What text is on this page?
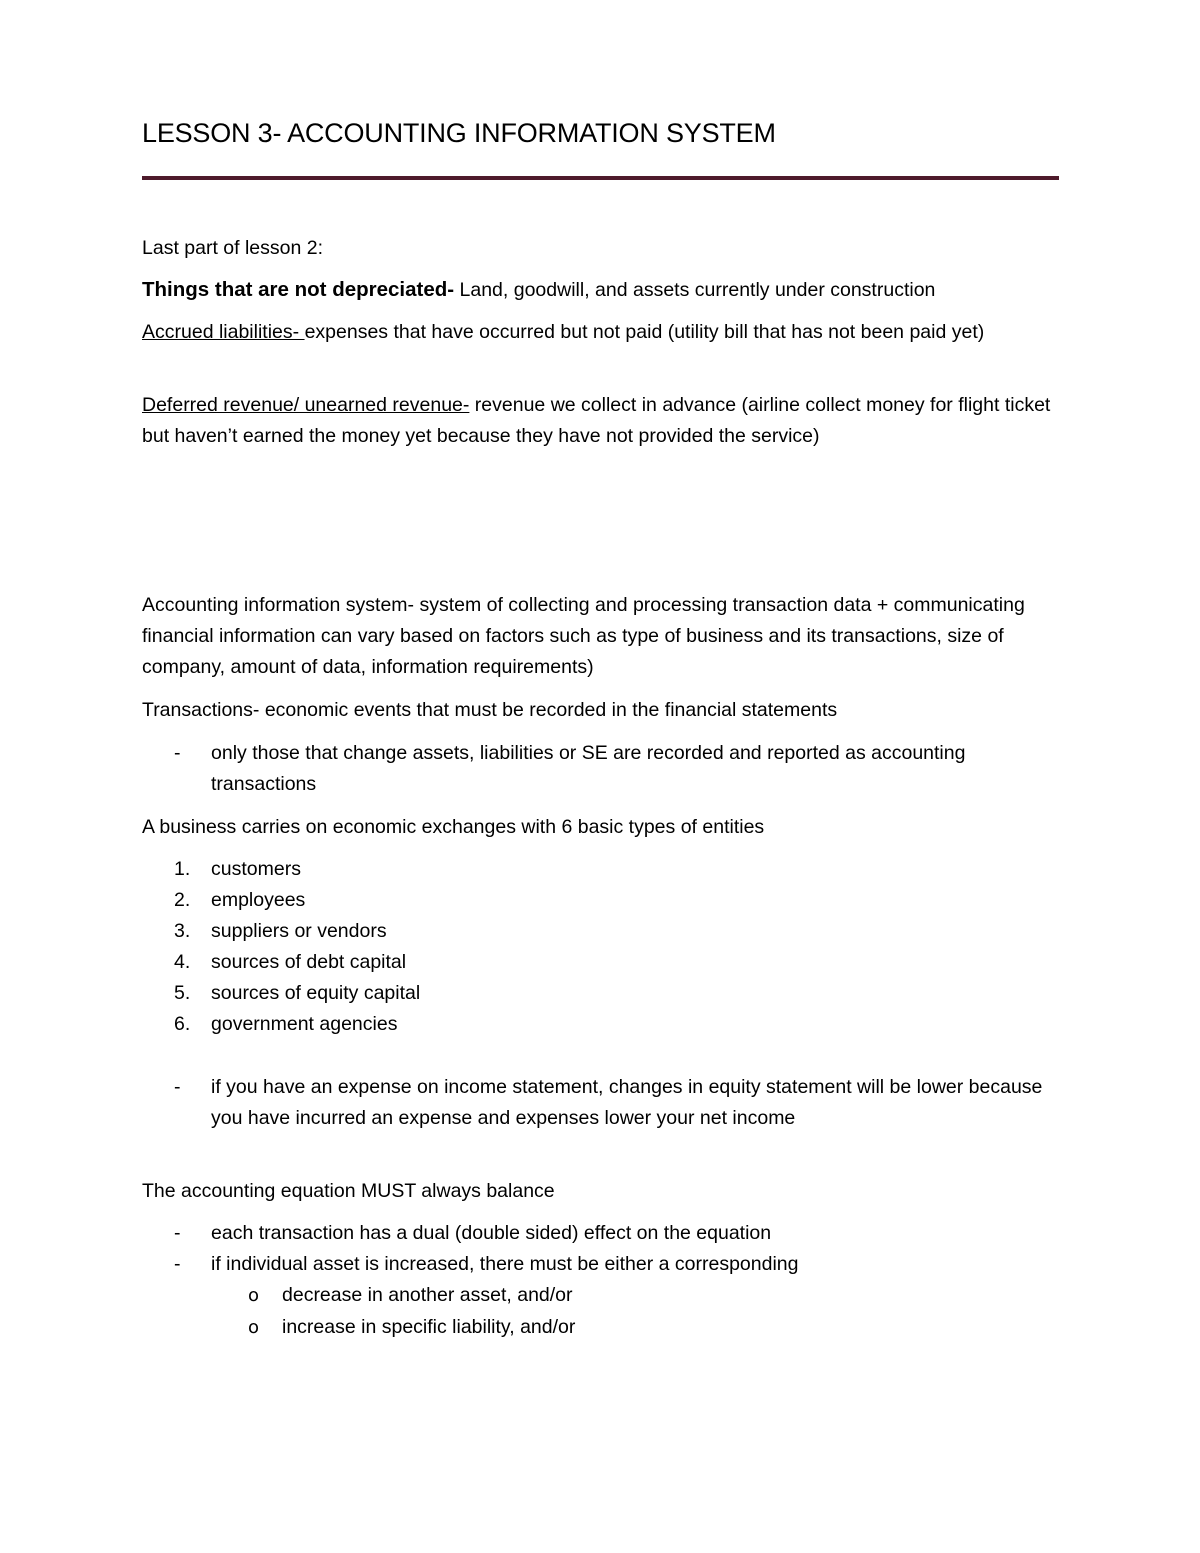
LESSON 3- ACCOUNTING INFORMATION SYSTEM
Last part of lesson 2:
Things that are not depreciated- Land, goodwill, and assets currently under construction
Accrued liabilities- expenses that have occurred but not paid (utility bill that has not been paid yet)
Deferred revenue/ unearned revenue- revenue we collect in advance (airline collect money for flight ticket but haven’t earned the money yet because they have not provided the service)
Accounting information system- system of collecting and processing transaction data + communicating financial information can vary based on factors such as type of business and its transactions, size of company, amount of data, information requirements)
Transactions- economic events that must be recorded in the financial statements
- only those that change assets, liabilities or SE are recorded and reported as accounting transactions
A business carries on economic exchanges with 6 basic types of entities
1. customers
2. employees
3. suppliers or vendors
4. sources of debt capital
5. sources of equity capital
6. government agencies
- if you have an expense on income statement, changes in equity statement will be lower because you have incurred an expense and expenses lower your net income
The accounting equation MUST always balance
- each transaction has a dual (double sided) effect on the equation
- if individual asset is increased, there must be either a corresponding
o decrease in another asset, and/or
o increase in specific liability, and/or
